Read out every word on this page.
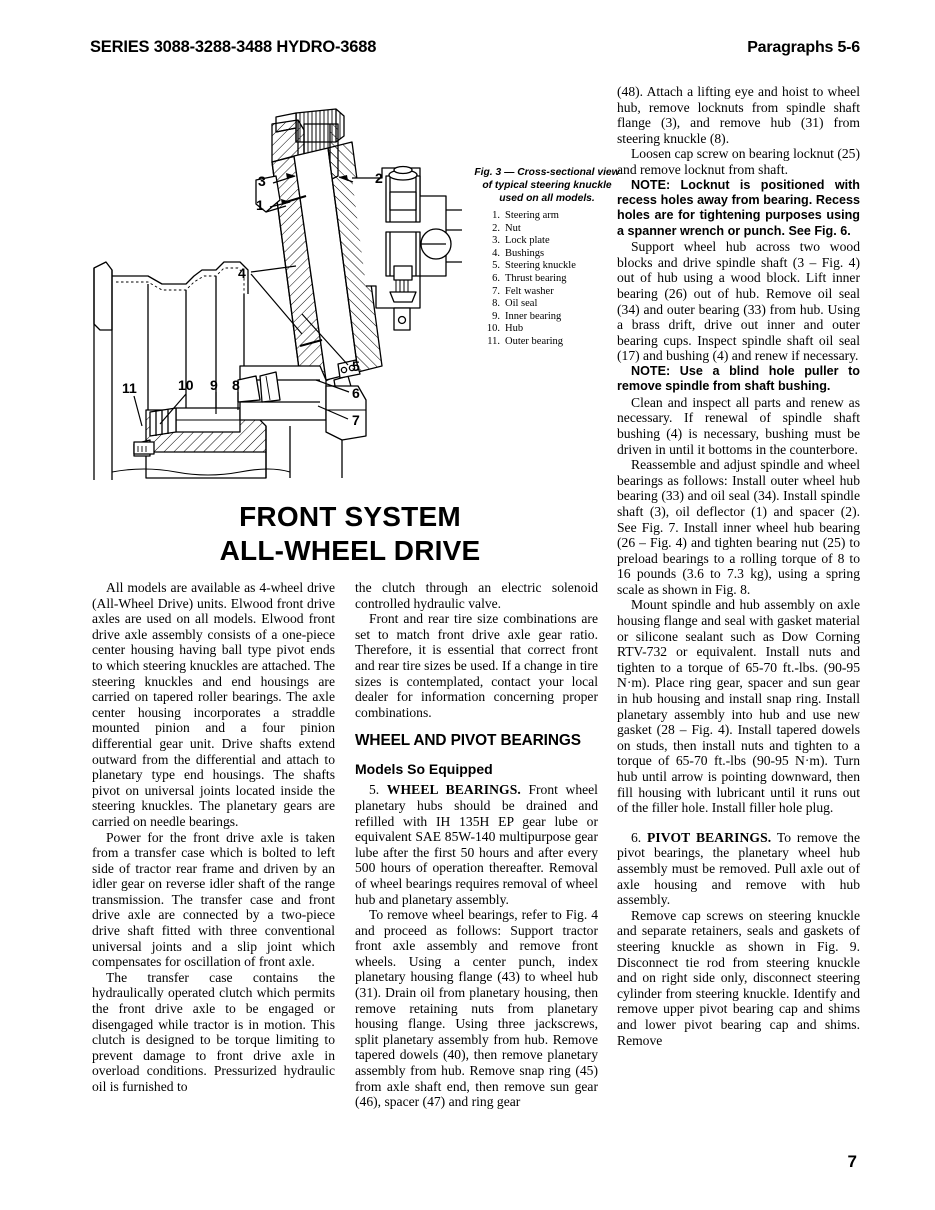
SERIES 3088-3288-3488 HYDRO-3688	Paragraphs 5-6
3	2
1
4
5
6
7
8
9
10
11
Fig. 3 — Cross-sectional view of typical steering knuckle used on all models.
1. Steering arm
2. Nut
3. Lock plate
4. Bushings
5. Steering knuckle
6. Thrust bearing
7. Felt washer
8. Oil seal
9. Inner bearing
10. Hub
11. Outer bearing
FRONT SYSTEM
ALL-WHEEL DRIVE

All models are available as 4-wheel drive (All-Wheel Drive) units. Elwood front drive axles are used on all models. Elwood front drive axle assembly consists of a one-piece center housing having ball type pivot ends to which steering knuckles are attached. The steering knuckles and end housings are carried on tapered roller bearings. The axle center housing incorporates a straddle mounted pinion and a four pinion differential gear unit. Drive shafts extend outward from the differential and attach to planetary type end housings. The shafts pivot on universal joints located inside the steering knuckles. The planetary gears are carried on needle bearings.

Power for the front drive axle is taken from a transfer case which is bolted to left side of tractor rear frame and driven by an idler gear on reverse idler shaft of the range transmission. The transfer case and front drive axle are connected by a two-piece drive shaft fitted with three conventional universal joints and a slip joint which compensates for oscillation of front axle.

The transfer case contains the hydraulically operated clutch which permits the front drive axle to be engaged or disengaged while tractor is in motion. This clutch is designed to be torque limiting to prevent damage to front drive axle in overload conditions. Pressurized hydraulic oil is furnished to

the clutch through an electric solenoid controlled hydraulic valve.

Front and rear tire size combinations are set to match front drive axle gear ratio. Therefore, it is essential that correct front and rear tire sizes be used. If a change in tire sizes is contemplated, contact your local dealer for information concerning proper combinations.

WHEEL AND PIVOT BEARINGS
Models So Equipped

5. WHEEL BEARINGS. Front wheel planetary hubs should be drained and refilled with IH 135H EP gear lube or equivalent SAE 85W-140 multipurpose gear lube after the first 50 hours and after every 500 hours of operation thereafter. Removal of wheel bearings requires removal of wheel hub and planetary assembly.

To remove wheel bearings, refer to Fig. 4 and proceed as follows: Support tractor front axle assembly and remove front wheels. Using a center punch, index planetary housing flange (43) to wheel hub (31). Drain oil from planetary housing, then remove retaining nuts from planetary housing flange. Using three jackscrews, split planetary assembly from hub. Remove tapered dowels (40), then remove planetary assembly from hub. Remove snap ring (45) from axle shaft end, then remove sun gear (46), spacer (47) and ring gear

(48). Attach a lifting eye and hoist to wheel hub, remove locknuts from spindle shaft flange (3), and remove hub (31) from steering knuckle (8).

Loosen cap screw on bearing locknut (25) and remove locknut from shaft.

NOTE: Locknut is positioned with recess holes away from bearing. Recess holes are for tightening purposes using a spanner wrench or punch. See Fig. 6.

Support wheel hub across two wood blocks and drive spindle shaft (3 – Fig. 4) out of hub using a wood block. Lift inner bearing (26) out of hub. Remove oil seal (34) and outer bearing (33) from hub. Using a brass drift, drive out inner and outer bearing cups. Inspect spindle shaft oil seal (17) and bushing (4) and renew if necessary.

NOTE: Use a blind hole puller to remove spindle from shaft bushing.

Clean and inspect all parts and renew as necessary. If renewal of spindle shaft bushing (4) is necessary, bushing must be driven in until it bottoms in the counterbore.

Reassemble and adjust spindle and wheel bearings as follows: Install outer wheel hub bearing (33) and oil seal (34). Install spindle shaft (3), oil deflector (1) and spacer (2). See Fig. 7. Install inner wheel hub bearing (26 – Fig. 4) and tighten bearing nut (25) to preload bearings to a rolling torque of 8 to 16 pounds (3.6 to 7.3 kg), using a spring scale as shown in Fig. 8.

Mount spindle and hub assembly on axle housing flange and seal with gasket material or silicone sealant such as Dow Corning RTV-732 or equivalent. Install nuts and tighten to a torque of 65-70 ft.-lbs. (90-95 N·m). Place ring gear, spacer and sun gear in hub housing and install snap ring. Install planetary assembly into hub and use new gasket (28 – Fig. 4). Install tapered dowels on studs, then install nuts and tighten to a torque of 65-70 ft.-lbs (90-95 N·m). Turn hub until arrow is pointing downward, then fill housing with lubricant until it runs out of the filler hole. Install filler hole plug.

6. PIVOT BEARINGS. To remove the pivot bearings, the planetary wheel hub assembly must be removed. Pull axle out of axle housing and remove with hub assembly.

Remove cap screws on steering knuckle and separate retainers, seals and gaskets of steering knuckle as shown in Fig. 9. Disconnect tie rod from steering knuckle and on right side only, disconnect steering cylinder from steering knuckle. Identify and remove upper pivot bearing cap and shims and lower pivot bearing cap and shims. Remove

7
